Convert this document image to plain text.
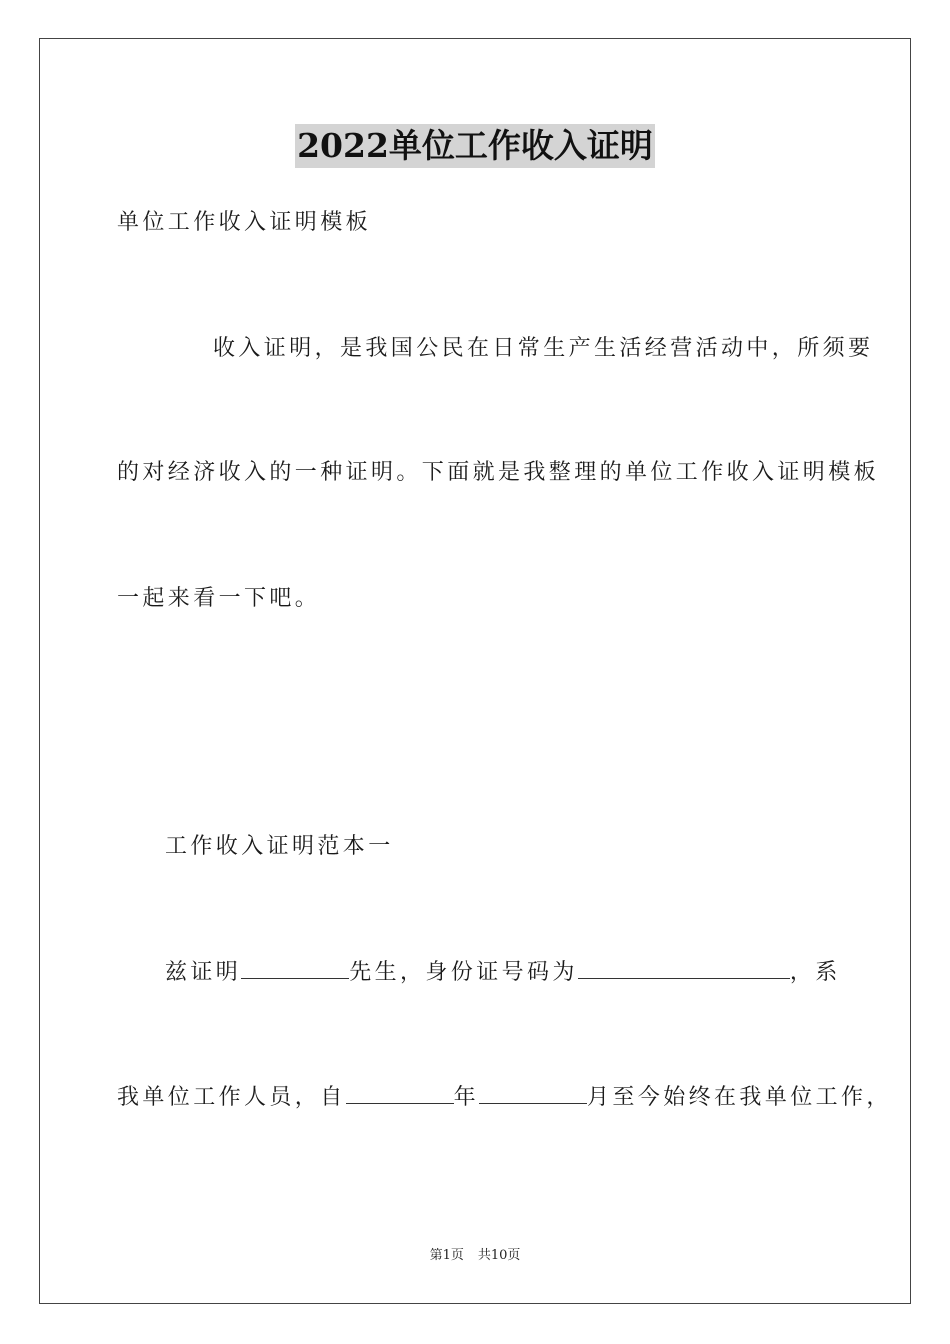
2022单位工作收入证明
单位工作收入证明模板
收入证明，是我国公民在日常生产生活经营活动中，所须要
的对经济收入的一种证明。下面就是我整理的单位工作收入证明模板
一起来看一下吧。
工作收入证明范本一
兹证明	先生，身份证号码为	，系
我单位工作人员，自	年	月至今始终在我单位工作，
第1页 共10页
